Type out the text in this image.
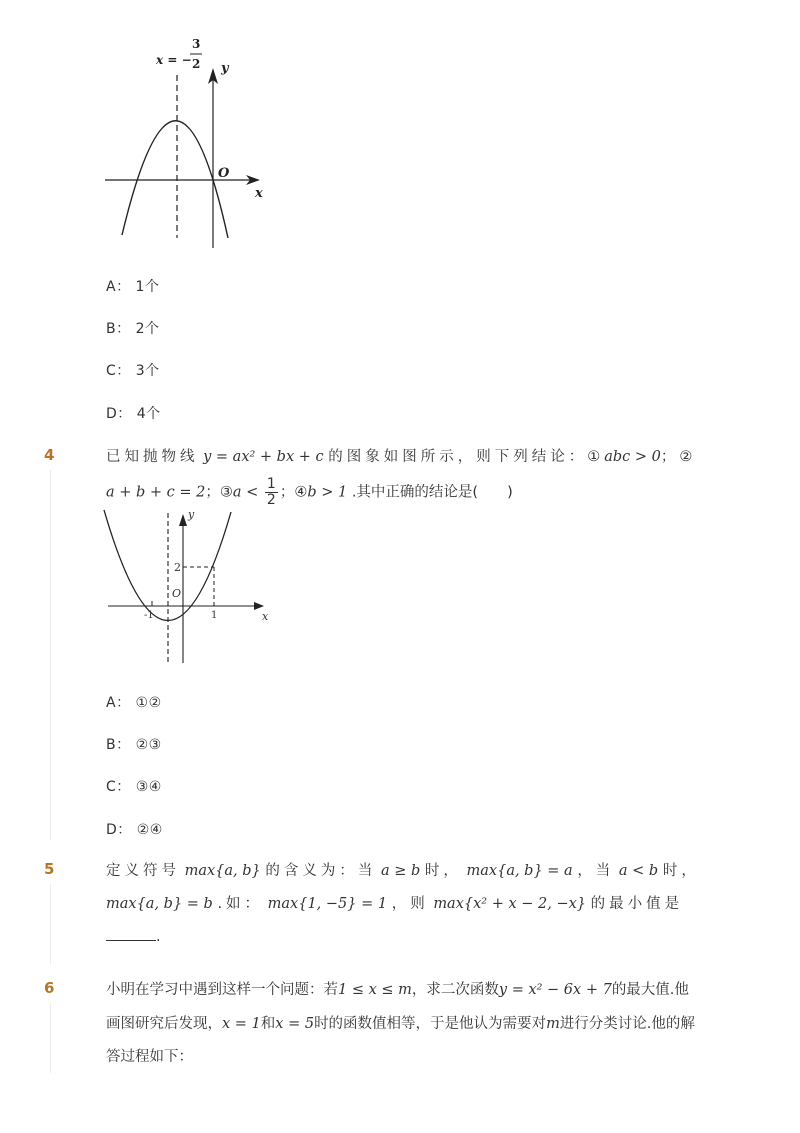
x = −
3
2 y
O
x
A： 1个
B： 2个
C： 3个
D： 4个
4	已知抛物线 y = ax² + bx + c 的图象如图所示，则下列结论：①abc > 0；②
a + b + c = 2；③a < $\frac{1}{2}$ ；④b > 1 .其中正确的结论是(　　)
y
2
O
-1	1	x
A： ①②
B： ②③
C： ③④
D： ②④
5	定义符号 max{a, b} 的含义为：当 a ≥ b 时， max{a, b} = a ，当 a < b 时，
max{a, b} = b .如： max{1, −5} = 1 ，则 max{x² + x − 2, −x} 的最小值是
.
6	小明在学习中遇到这样一个问题：若1 ≤ x ≤ m，求二次函数y = x² − 6x + 7的最大值.他
画图研究后发现，x = 1和x = 5时的函数值相等，于是他认为需要对m进行分类讨论.他的解
答过程如下：
